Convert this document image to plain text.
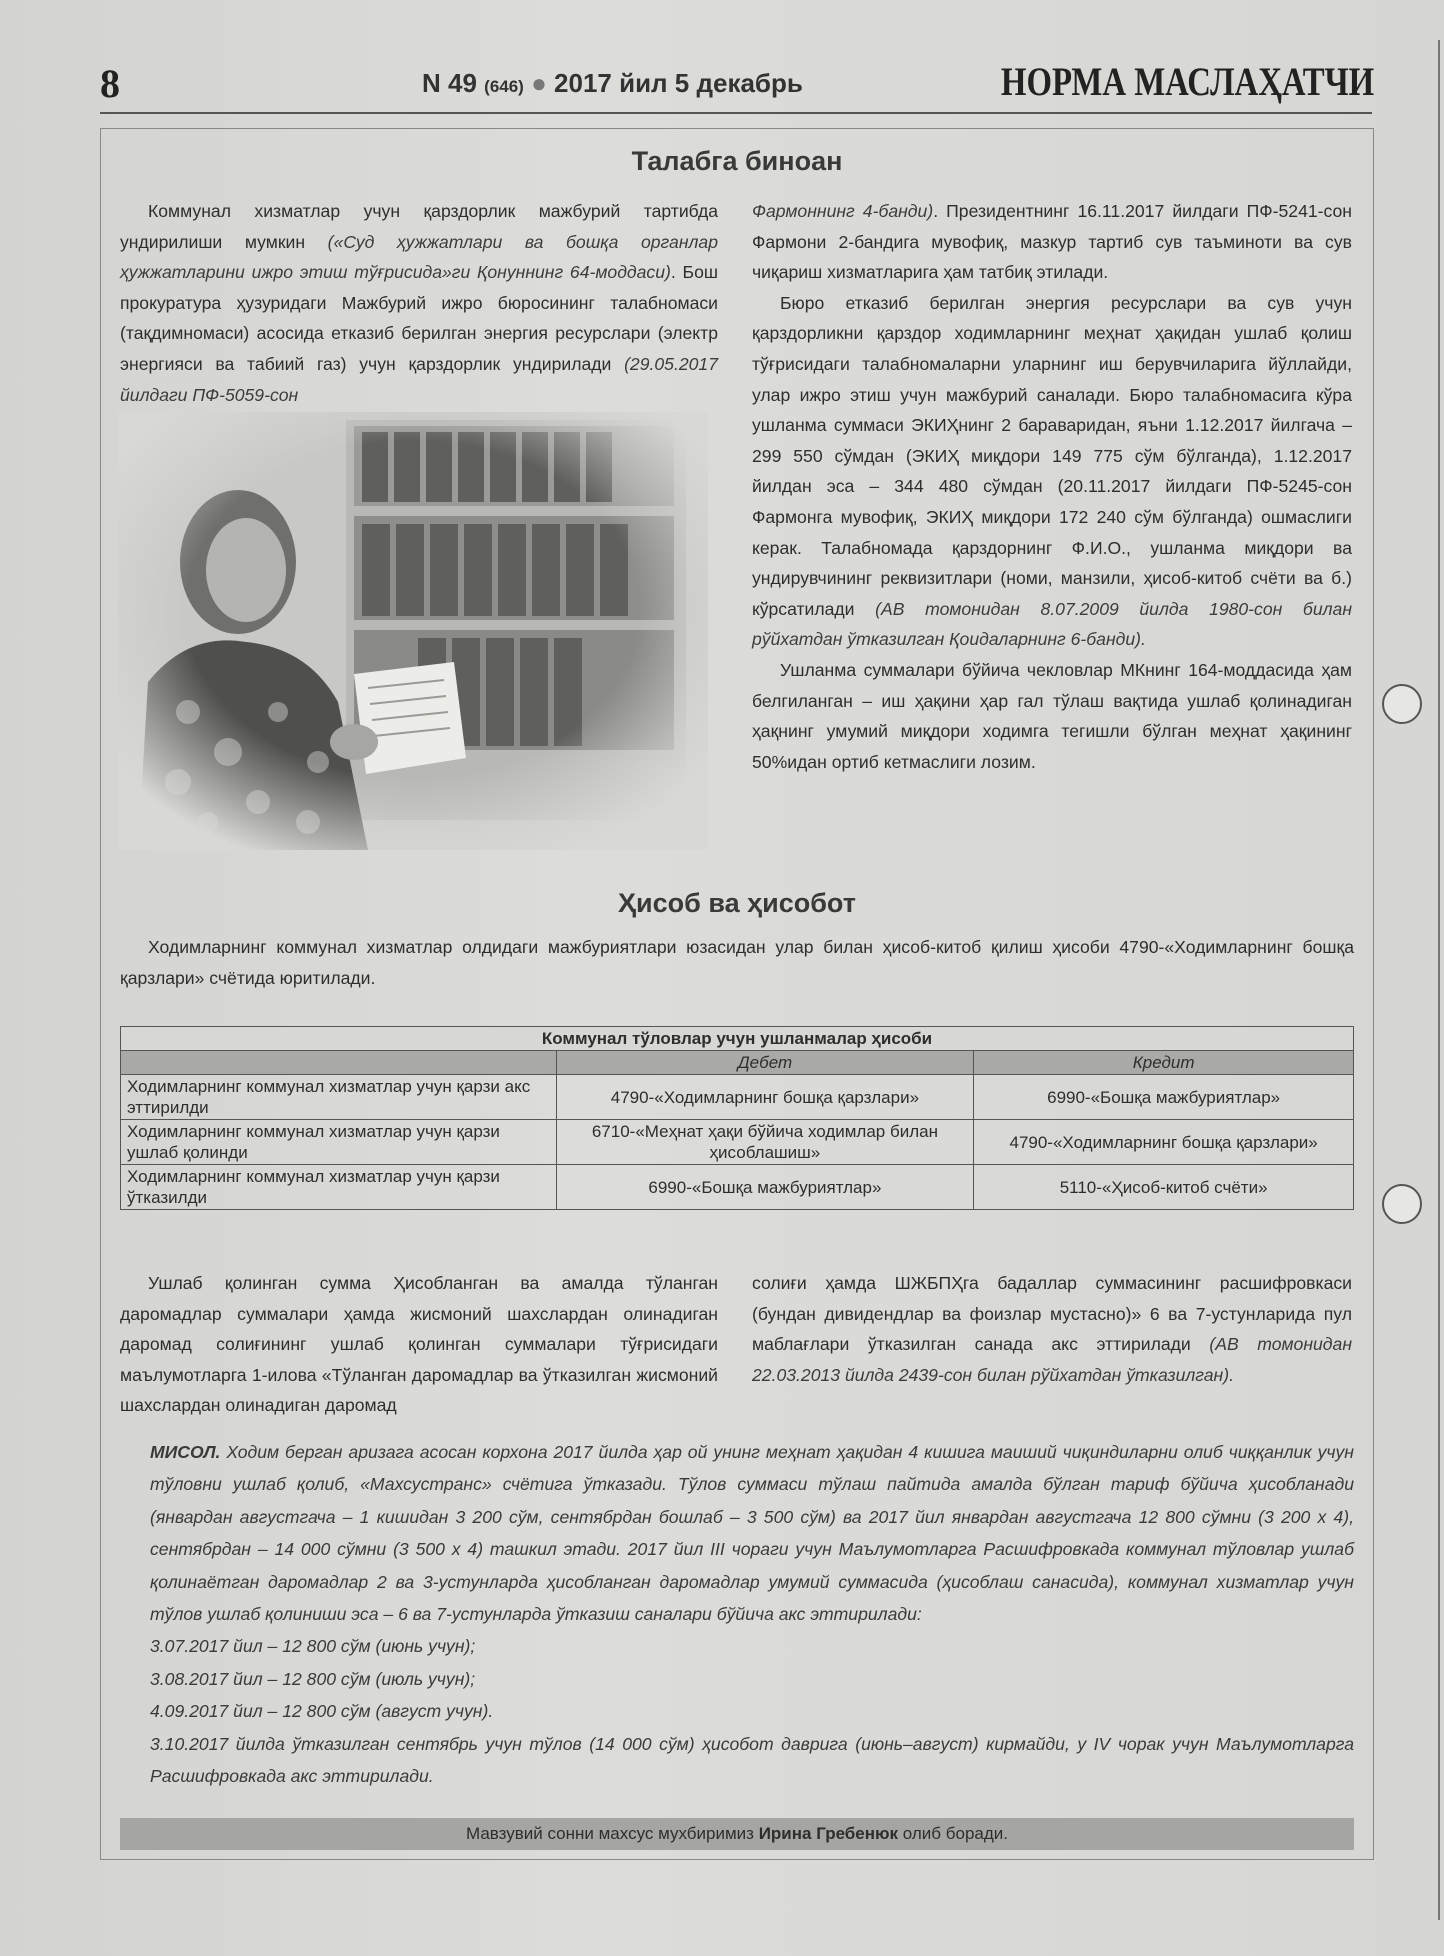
8	N 49 (646) ● 2017 йил 5 декабрь	НОРМА МАСЛАҲАТЧИ
Талабга биноан

Коммунал хизматлар учун қарздорлик мажбурий тартибда ундирилиши мумкин («Суд ҳужжатлари ва бошқа органлар ҳужжатларини ижро этиш тўғрисида»ги Қонуннинг 64-моддаси). Бош прокуратура ҳузуридаги Мажбурий ижро бюросининг талабномаси (тақдимномаси) асосида етказиб берилган энергия ресурслари (электр энергияси ва табиий газ) учун қарздорлик ундирилади (29.05.2017 йилдаги ПФ-5059-сон

Фармоннинг 4-банди). Президентнинг 16.11.2017 йилдаги ПФ-5241-сон Фармони 2-бандига мувофиқ, мазкур тартиб сув таъминоти ва сув чиқариш хизматларига ҳам татбиқ этилади.

Бюро етказиб берилган энергия ресурслари ва сув учун қарздорликни қарздор ходимларнинг меҳнат ҳақидан ушлаб қолиш тўғрисидаги талабномаларни уларнинг иш берувчиларига йўллайди, улар ижро этиш учун мажбурий саналади. Бюро талабномасига кўра ушланма суммаси ЭКИҲнинг 2 бараваридан, яъни 1.12.2017 йилгача – 299 550 сўмдан (ЭКИҲ миқдори 149 775 сўм бўлганда), 1.12.2017 йилдан эса – 344 480 сўмдан (20.11.2017 йилдаги ПФ-5245-сон Фармонга мувофиқ, ЭКИҲ миқдори 172 240 сўм бўлганда) ошмаслиги керак. Талабномада қарздорнинг Ф.И.О., ушланма миқдори ва ундирувчининг реквизитлари (номи, манзили, ҳисоб-китоб счёти ва б.) кўрсатилади (АВ томонидан 8.07.2009 йилда 1980-сон билан рўйхатдан ўтказилган Қоидаларнинг 6-банди).

Ушланма суммалари бўйича чекловлар МКнинг 164-моддасида ҳам белгиланган – иш ҳақини ҳар гал тўлаш вақтида ушлаб қолинадиган ҳақнинг умумий миқдори ходимга тегишли бўлган меҳнат ҳақининг 50%идан ортиб кетмаслиги лозим.

Ҳисоб ва ҳисобот
Ходимларнинг коммунал хизматлар олдидаги мажбуриятлари юзасидан улар билан ҳисоб-китоб қилиш ҳисоби 4790-«Ходимларнинг бошқа қарзлари» счётида юритилади.
Коммунал тўловлар учун ушланмалар ҳисоби		
	Дебет	Кредит
Ходимларнинг коммунал хизматлар учун қарзи акс эттирилди	4790-«Ходимларнинг бошқа қарзлари»	6990-«Бошқа мажбуриятлар»
Ходимларнинг коммунал хизматлар учун қарзи ушлаб қолинди	6710-«Меҳнат ҳақи бўйича ходимлар билан ҳисоблашиш»	4790-«Ходимларнинг бошқа қарзлари»
Ходимларнинг коммунал хизматлар учун қарзи ўтказилди	6990-«Бошқа мажбуриятлар»	5110-«Ҳисоб-китоб счёти»

Ушлаб қолинган сумма Ҳисобланган ва амалда тўланган даромадлар суммалари ҳамда жисмоний шахслардан олинадиган даромад солиғининг ушлаб қолинган суммалари тўғрисидаги маълумотларга 1-илова «Тўланган даромадлар ва ўтказилган жисмоний шахслардан олинадиган даромад

солиғи ҳамда ШЖБПҲга бадаллар суммасининг расшифровкаси (бундан дивидендлар ва фоизлар мустасно)» 6 ва 7-устунларида пул маблағлари ўтказилган санада акс эттирилади (АВ томонидан 22.03.2013 йилда 2439-сон билан рўйхатдан ўтказилган).

МИСОЛ. Ходим берган аризага асосан корхона 2017 йилда ҳар ой унинг меҳнат ҳақидан 4 кишига маиший чиқиндиларни олиб чиққанлик учун тўловни ушлаб қолиб, «Махсустранс» счётига ўтказади. Тўлов суммаси тўлаш пайтида амалда бўлган тариф бўйича ҳисобланади (январдан августгача – 1 кишидан 3 200 сўм, сентябрдан бошлаб – 3 500 сўм) ва 2017 йил январдан августгача 12 800 сўмни (3 200 х 4), сентябрдан – 14 000 сўмни (3 500 х 4) ташкил этади. 2017 йил III чораги учун Маълумотларга Расшифровкада коммунал тўловлар ушлаб қолинаётган даромадлар 2 ва 3-устунларда ҳисобланган даромадлар умумий суммасида (ҳисоблаш санасида), коммунал хизматлар учун тўлов ушлаб қолиниши эса – 6 ва 7-устунларда ўтказиш саналари бўйича акс эттирилади:

3.07.2017 йил – 12 800 сўм (июнь учун);

3.08.2017 йил – 12 800 сўм (июль учун);

4.09.2017 йил – 12 800 сўм (август учун).

3.10.2017 йилда ўтказилган сентябрь учун тўлов (14 000 сўм) ҳисобот даврига (июнь–август) кирмайди, у IV чорак учун Маълумотларга Расшифровкада акс эттирилади.

Мавзувий сонни махсус мухбиримиз Ирина Гребенюк олиб боради.
